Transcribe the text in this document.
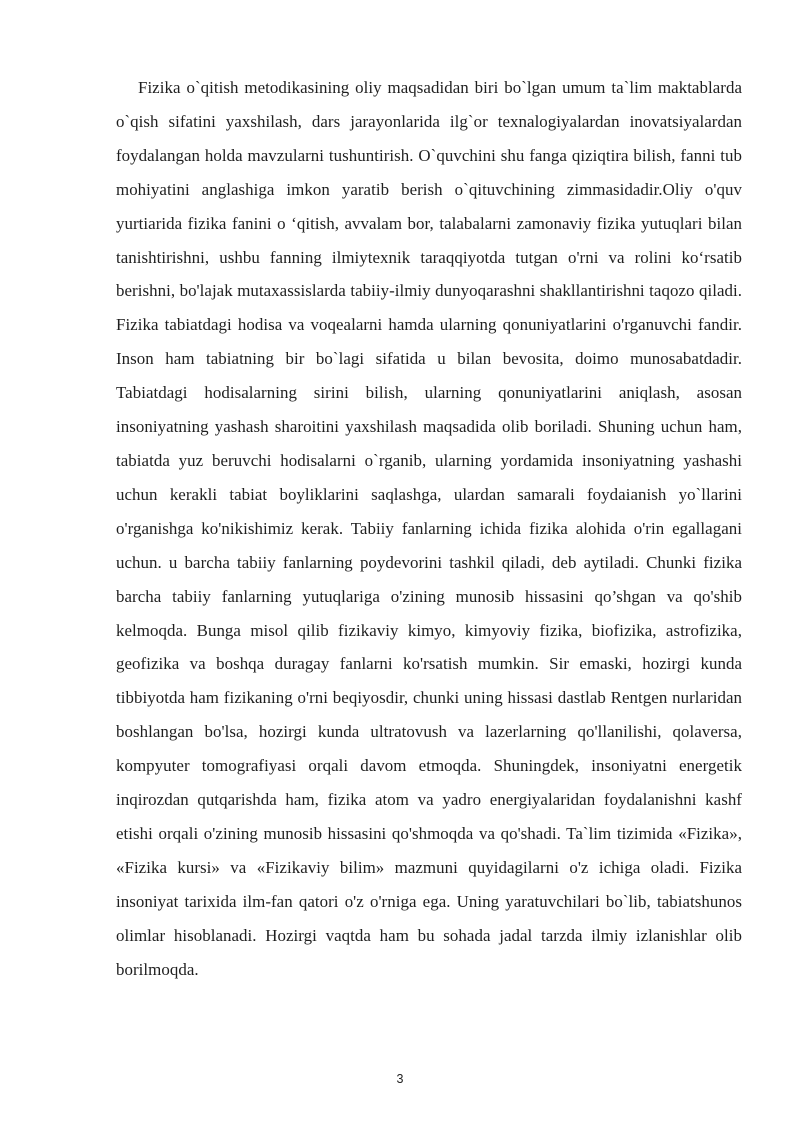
Fizika o`qitish metodikasining oliy maqsadidan biri bo`lgan umum ta`lim maktablarda o`qish sifatini yaxshilash, dars jarayonlarida ilg`or texnalogiyalardan inovatsiyalardan foydalangan holda mavzularni tushuntirish. O`quvchini shu fanga qiziqtira bilish, fanni tub mohiyatini anglashiga imkon yaratib berish o`qituvchining zimmasidadir.Oliy o'quv yurtiarida fizika fanini o ‘qitish, avvalam bor, talabalarni zamonaviy fizika yutuqlari bilan tanishtirishni, ushbu fanning ilmiytexnik taraqqiyotda tutgan o'rni va rolini ko‘rsatib berishni, bo'lajak mutaxassislarda tabiiy-ilmiy dunyoqarashni shakllantirishni taqozo qiladi. Fizika tabiatdagi hodisa va voqealarni hamda ularning qonuniyatlarini o'rganuvchi fandir. Inson ham tabiatning bir bo`lagi sifatida u bilan bevosita, doimo munosabatdadir. Tabiatdagi hodisalarning sirini bilish, ularning qonuniyatlarini aniqlash, asosan insoniyatning yashash sharoitini yaxshilash maqsadida olib boriladi. Shuning uchun ham, tabiatda yuz beruvchi hodisalarni o`rganib, ularning yordamida insoniyatning yashashi uchun kerakli tabiat boyliklarini saqlashga, ulardan samarali foydaianish yo`llarini o'rganishga ko'nikishimiz kerak. Tabiiy fanlarning ichida fizika alohida o'rin egallagani uchun. u barcha tabiiy fanlarning poydevorini tashkil qiladi, deb aytiladi. Chunki fizika barcha tabiiy fanlarning yutuqlariga o'zining munosib hissasini qo’shgan va qo'shib kelmoqda. Bunga misol qilib fizikaviy kimyo, kimyoviy fizika, biofizika, astrofizika, geofizika va boshqa duragay fanlarni ko'rsatish mumkin. Sir emaski, hozirgi kunda tibbiyotda ham fizikaning o'rni beqiyosdir, chunki uning hissasi dastlab Rentgen nurlaridan boshlangan bo'lsa, hozirgi kunda ultratovush va lazerlarning qo'llanilishi, qolaversa, kompyuter tomografiyasi orqali davom etmoqda. Shuningdek, insoniyatni energetik inqirozdan qutqarishda ham, fizika atom va yadro energiyalaridan foydalanishni kashf etishi orqali o'zining munosib hissasini qo'shmoqda va qo'shadi. Ta`lim tizimida «Fizika», «Fizika kursi» va «Fizikaviy bilim» mazmuni quyidagilarni o'z ichiga oladi. Fizika insoniyat tarixida ilm-fan qatori o'z o'rniga ega. Uning yaratuvchilari bo`lib, tabiatshunos olimlar hisoblanadi. Hozirgi vaqtda ham bu sohada jadal tarzda ilmiy izlanishlar olib borilmoqda.

3
